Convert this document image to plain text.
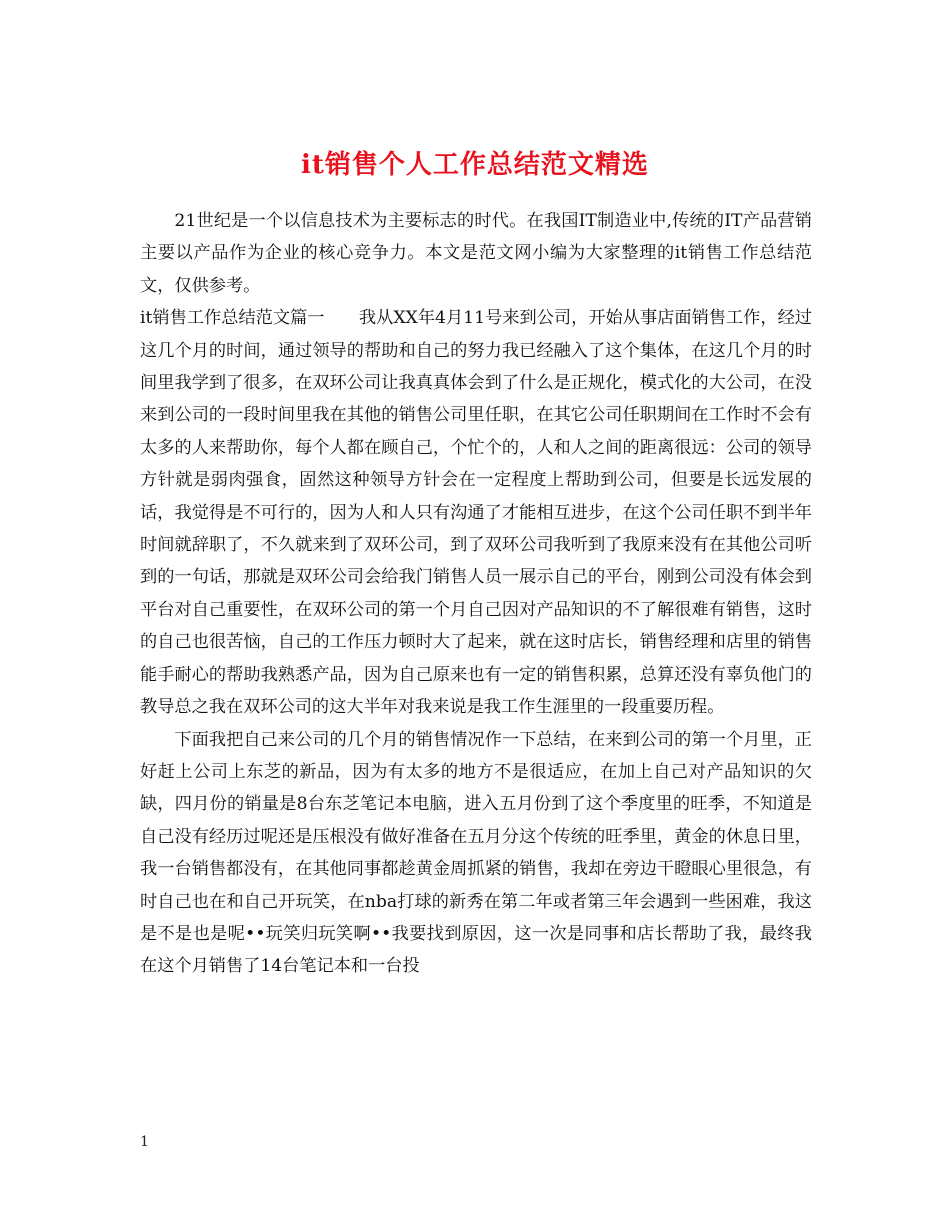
it销售个人工作总结范文精选

21世纪是一个以信息技术为主要标志的时代。在我国IT制造业中,传统的IT产品营销主要以产品作为企业的核心竞争力。本文是范文网小编为大家整理的it销售工作总结范文，仅供参考。

it销售工作总结范文篇一　　我从XX年4月11号来到公司，开始从事店面销售工作，经过这几个月的时间，通过领导的帮助和自己的努力我已经融入了这个集体，在这几个月的时间里我学到了很多，在双环公司让我真真体会到了什么是正规化，模式化的大公司，在没来到公司的一段时间里我在其他的销售公司里任职，在其它公司任职期间在工作时不会有太多的人来帮助你，每个人都在顾自己，个忙个的，人和人之间的距离很远：公司的领导方针就是弱肉强食，固然这种领导方针会在一定程度上帮助到公司，但要是长远发展的话，我觉得是不可行的，因为人和人只有沟通了才能相互进步，在这个公司任职不到半年时间就辞职了，不久就来到了双环公司，到了双环公司我听到了我原来没有在其他公司听到的一句话，那就是双环公司会给我门销售人员一展示自己的平台，刚到公司没有体会到平台对自己重要性，在双环公司的第一个月自己因对产品知识的不了解很难有销售，这时的自己也很苦恼，自己的工作压力顿时大了起来，就在这时店长，销售经理和店里的销售能手耐心的帮助我熟悉产品，因为自己原来也有一定的销售积累，总算还没有辜负他门的教导总之我在双环公司的这大半年对我来说是我工作生涯里的一段重要历程。

下面我把自己来公司的几个月的销售情况作一下总结，在来到公司的第一个月里，正好赶上公司上东芝的新品，因为有太多的地方不是很适应，在加上自己对产品知识的欠缺，四月份的销量是8台东芝笔记本电脑，进入五月份到了这个季度里的旺季，不知道是自己没有经历过呢还是压根没有做好准备在五月分这个传统的旺季里，黄金的休息日里，我一台销售都没有，在其他同事都趁黄金周抓紧的销售，我却在旁边干瞪眼心里很急，有时自己也在和自己开玩笑，在nba打球的新秀在第二年或者第三年会遇到一些困难，我这是不是也是呢••玩笑归玩笑啊••我要找到原因，这一次是同事和店长帮助了我，最终我在这个月销售了14台笔记本和一台投

1
